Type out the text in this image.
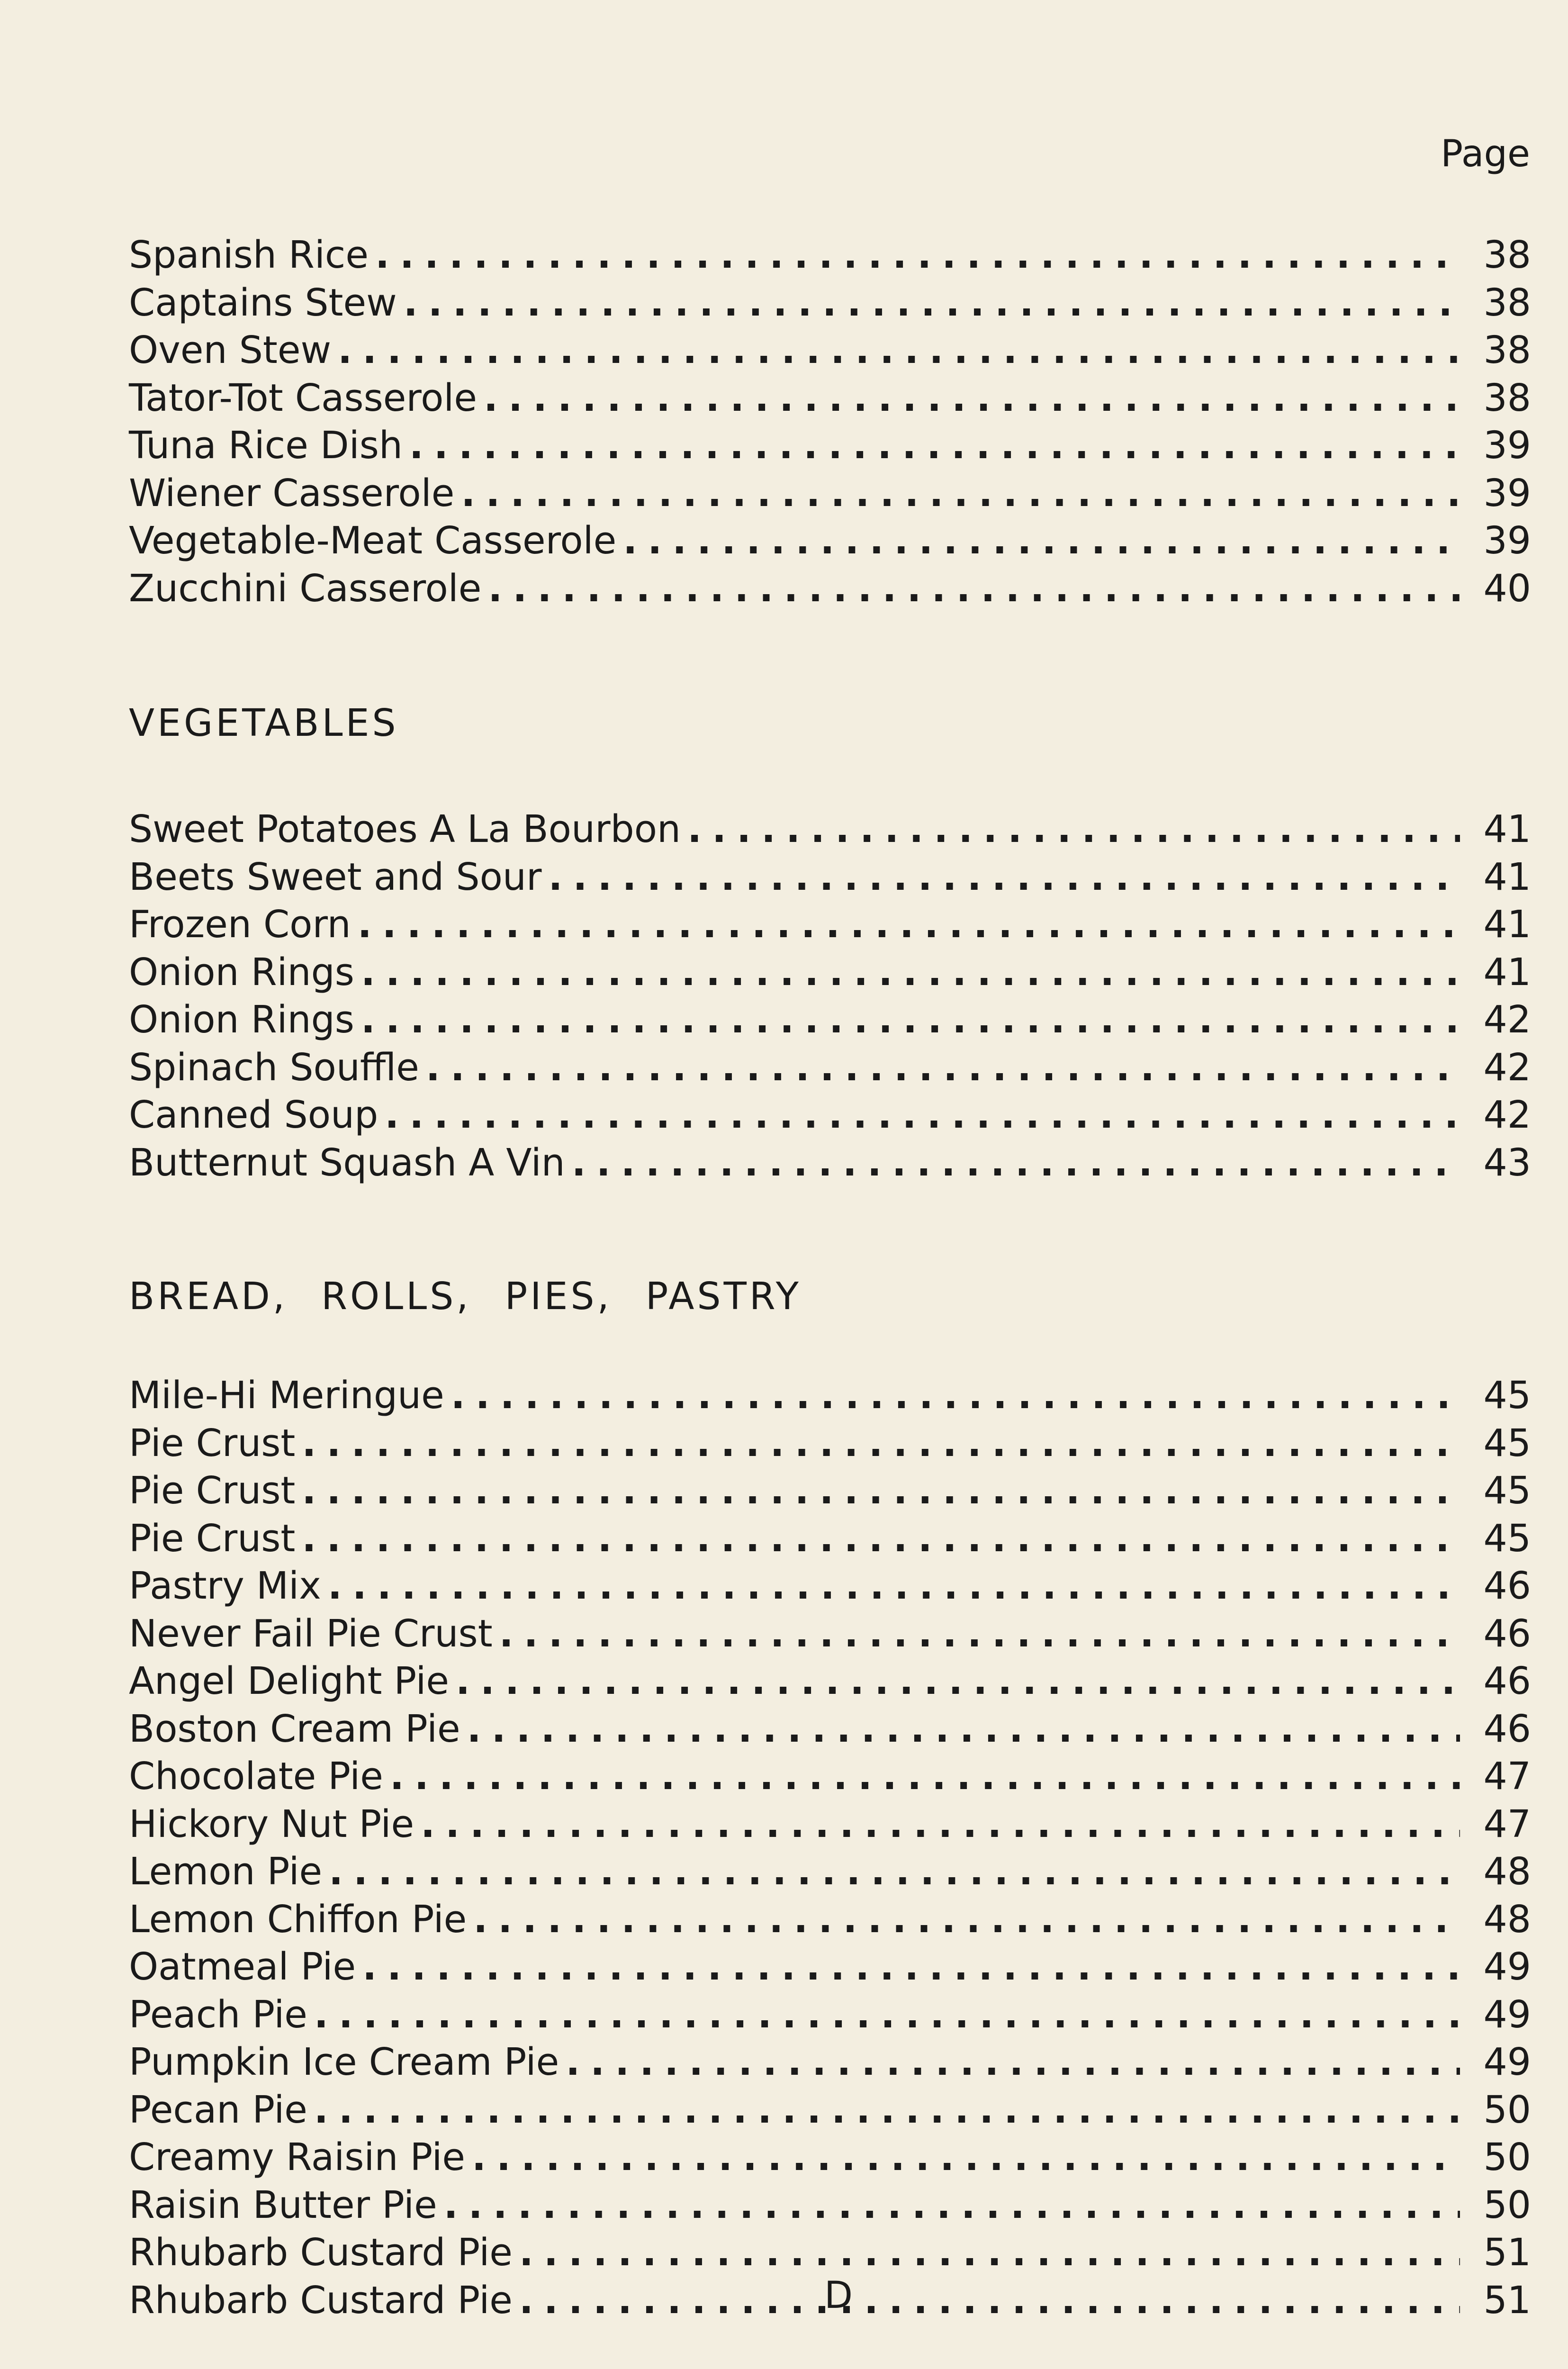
Page
Spanish Rice .....	38
Captains Stew .....	38
Oven Stew .....	38
Tator-Tot Casserole .....	38
Tuna Rice Dish .....	39
Wiener Casserole .....	39
Vegetable-Meat Casserole .....	39
Zucchini Casserole .....	40
VEGETABLES
Sweet Potatoes A La Bourbon .....	41
Beets Sweet and Sour .....	41
Frozen Corn .....	41
Onion Rings .....	41
Onion Rings .....	42
Spinach Souffle .....	42
Canned Soup .....	42
Butternut Squash A Vin .....	43
BREAD, ROLLS, PIES, PASTRY
Mile-Hi Meringue .....	45
Pie Crust .....	45
Pie Crust .....	45
Pie Crust .....	45
Pastry Mix .....	46
Never Fail Pie Crust .....	46
Angel Delight Pie .....	46
Boston Cream Pie .....	46
Chocolate Pie .....	47
Hickory Nut Pie .....	47
Lemon Pie .....	48
Lemon Chiffon Pie .....	48
Oatmeal Pie .....	49
Peach Pie .....	49
Pumpkin Ice Cream Pie .....	49
Pecan Pie .....	50
Creamy Raisin Pie .....	50
Raisin Butter Pie .....	50
Rhubarb Custard Pie .....	51
Rhubarb Custard Pie .....	51
D
